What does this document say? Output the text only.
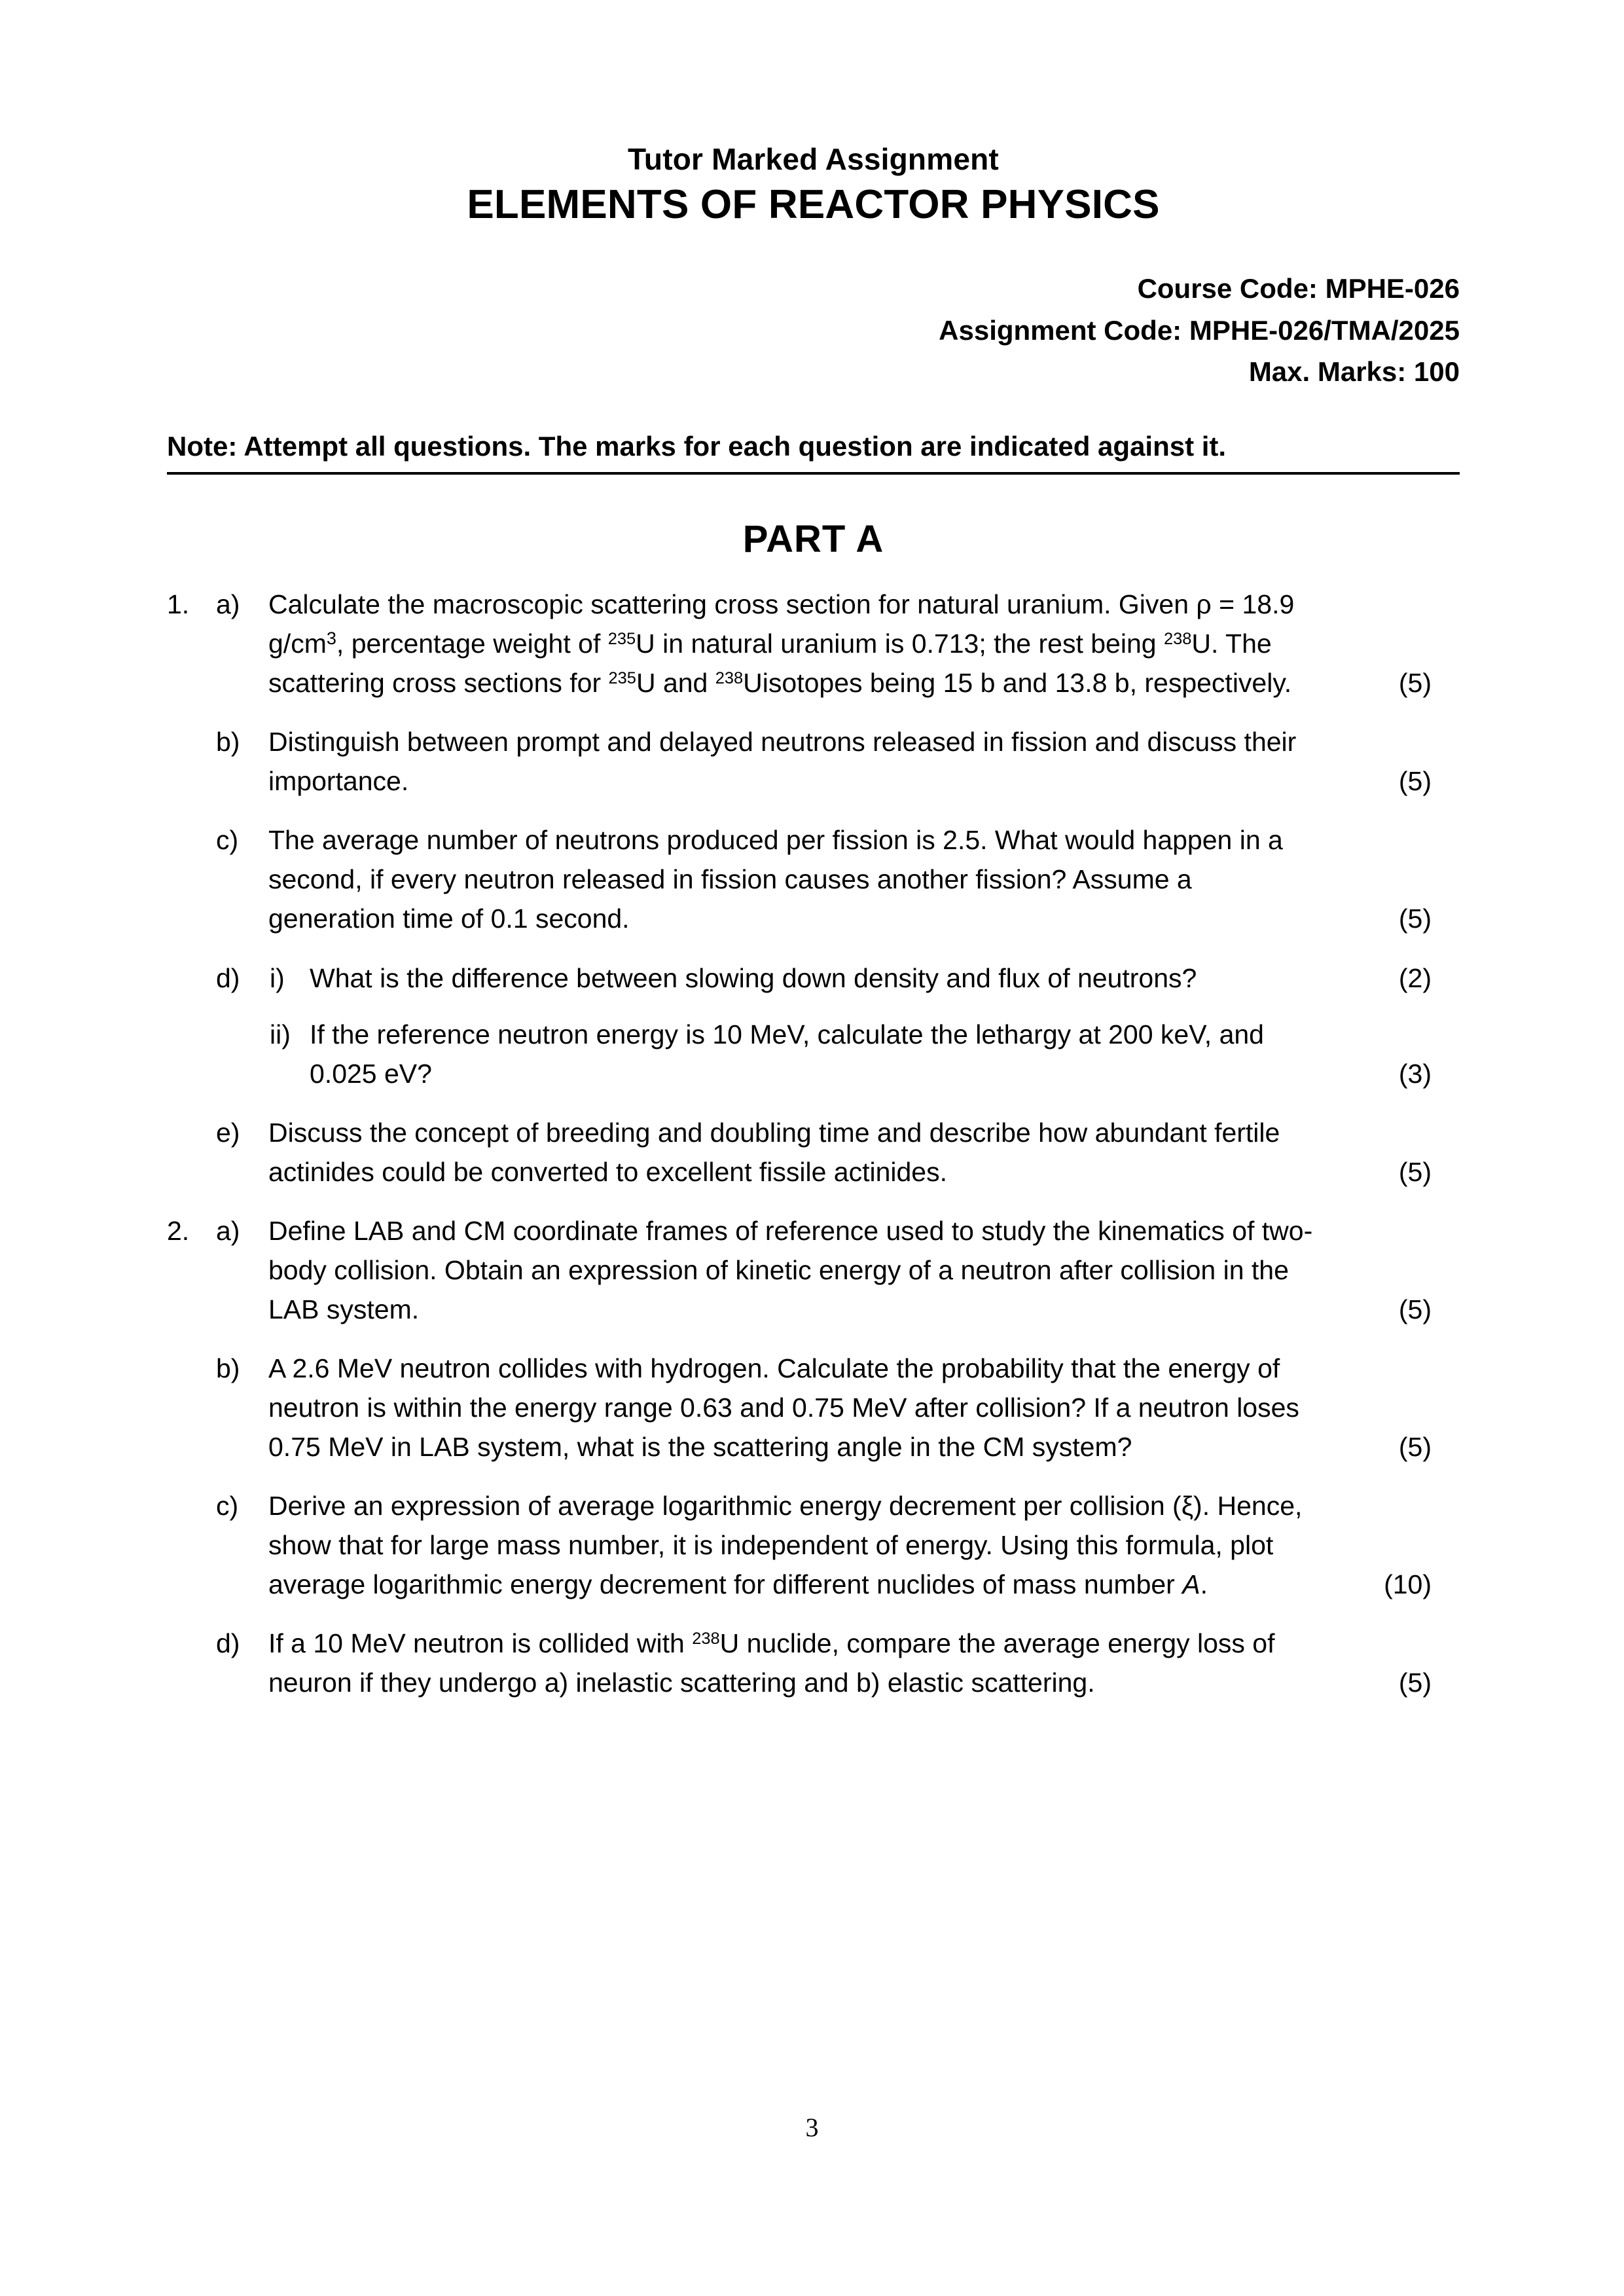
Tutor Marked Assignment
ELEMENTS OF REACTOR PHYSICS
Course Code: MPHE-026
Assignment Code: MPHE-026/TMA/2025
Max. Marks: 100
Note: Attempt all questions. The marks for each question are indicated against it.
PART A
1. a)	Calculate the macroscopic scattering cross section for natural uranium. Given ρ = 18.9 $g/cm^3$, percentage weight of $^{235}$U in natural uranium is 0.713; the rest being $^{238}$U. The scattering cross sections for $^{235}$U and $^{238}$Uisotopes being 15 b and 13.8 b, respectively.	(5)
b)	Distinguish between prompt and delayed neutrons released in fission and discuss their importance.	(5)
c)	The average number of neutrons produced per fission is 2.5. What would happen in a second, if every neutron released in fission causes another fission? Assume a generation time of 0.1 second.	(5)
d)	i) What is the difference between slowing down density and flux of neutrons?	(2)
ii) If the reference neutron energy is 10 MeV, calculate the lethargy at 200 keV, and 0.025 eV?	(3)
e)	Discuss the concept of breeding and doubling time and describe how abundant fertile actinides could be converted to excellent fissile actinides.	(5)
2. a)	Define LAB and CM coordinate frames of reference used to study the kinematics of two- body collision. Obtain an expression of kinetic energy of a neutron after collision in the LAB system.	(5)
b)	A 2.6 MeV neutron collides with hydrogen. Calculate the probability that the energy of neutron is within the energy range 0.63 and 0.75 MeV after collision? If a neutron loses 0.75 MeV in LAB system, what is the scattering angle in the CM system?	(5)
c)	Derive an expression of average logarithmic energy decrement per collision (ξ). Hence, show that for large mass number, it is independent of energy. Using this formula, plot average logarithmic energy decrement for different nuclides of mass number A.	(10)
d)	If a 10 MeV neutron is collided with $^{238}$U nuclide, compare the average energy loss of neuron if they undergo a) inelastic scattering and b) elastic scattering.	(5)
3
